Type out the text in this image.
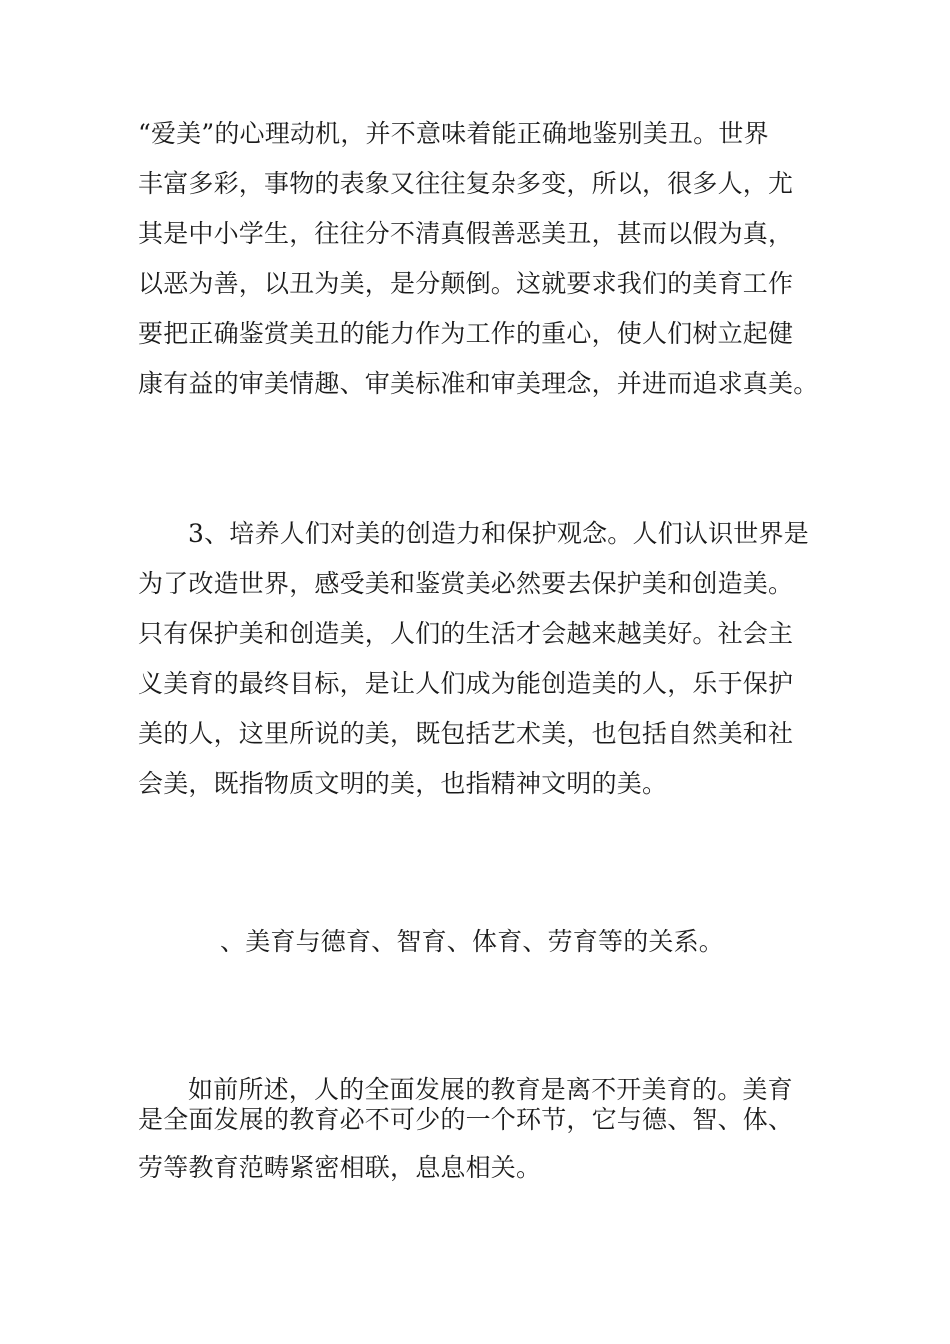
“爱美”的心理动机，并不意味着能正确地鉴别美丑。世界
丰富多彩，事物的表象又往往复杂多变，所以，很多人，尤
其是中小学生，往往分不清真假善恶美丑，甚而以假为真，
以恶为善，以丑为美，是分颠倒。这就要求我们的美育工作
要把正确鉴赏美丑的能力作为工作的重心，使人们树立起健
康有益的审美情趣、审美标准和审美理念，并进而追求真美。
3、培养人们对美的创造力和保护观念。人们认识世界是
为了改造世界，感受美和鉴赏美必然要去保护美和创造美。
只有保护美和创造美，人们的生活才会越来越美好。社会主
义美育的最终目标，是让人们成为能创造美的人，乐于保护
美的人，这里所说的美，既包括艺术美，也包括自然美和社
会美，既指物质文明的美，也指精神文明的美。
、美育与德育、智育、体育、劳育等的关系。
如前所述，人的全面发展的教育是离不开美育的。美育
是全面发展的教育必不可少的一个环节，它与德、智、体、
劳等教育范畴紧密相联，息息相关。
